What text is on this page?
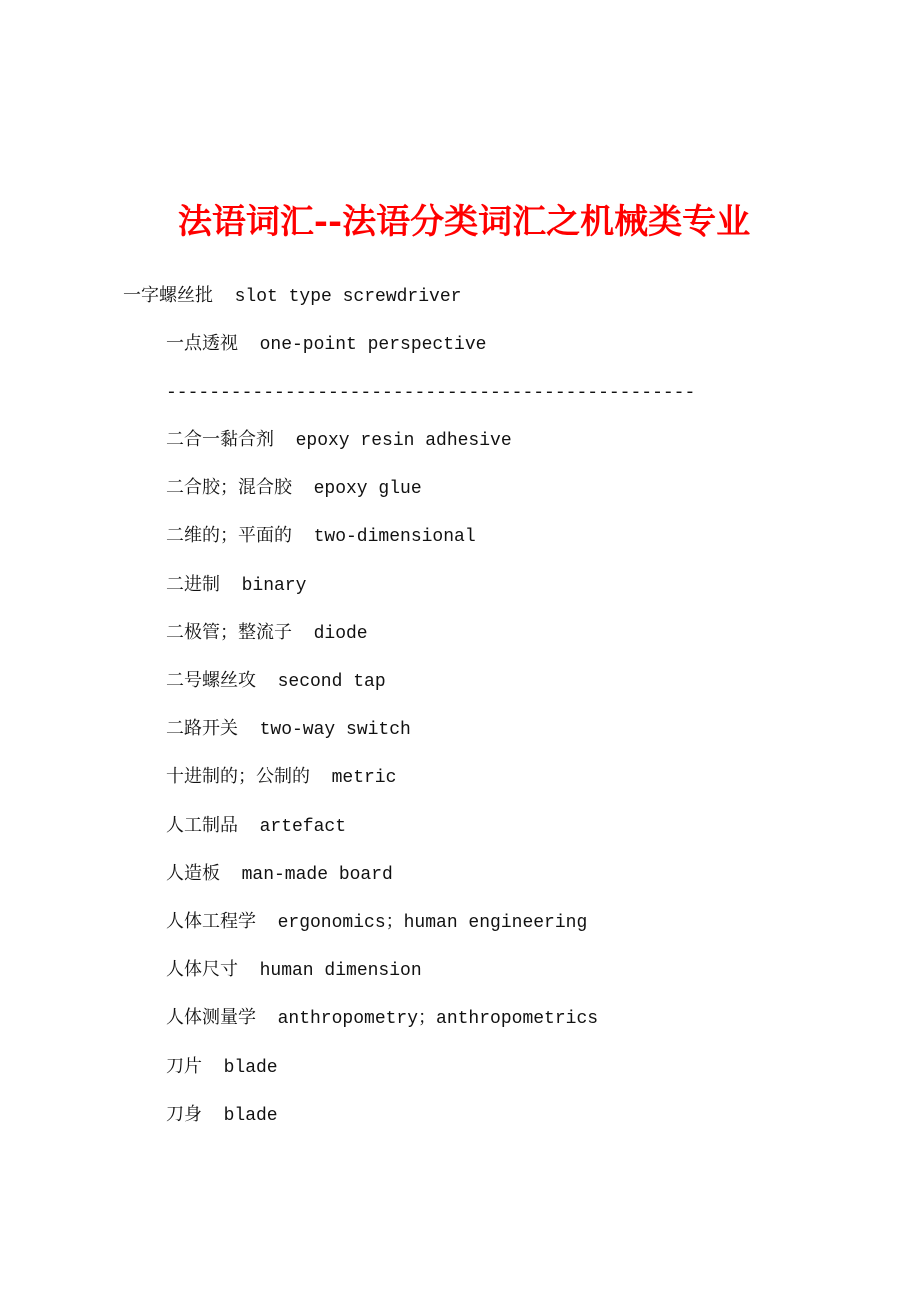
法语词汇--法语分类词汇之机械类专业
一字螺丝批  slot type screwdriver
一点透视  one-point perspective
-------------------------------------------------
二合一黏合剂  epoxy resin adhesive
二合胶；混合胶  epoxy glue
二维的；平面的  two-dimensional
二进制  binary
二极管；整流子  diode
二号螺丝攻  second tap
二路开关  two-way switch
十进制的；公制的  metric
人工制品  artefact
人造板  man-made board
人体工程学  ergonomics；human engineering
人体尺寸  human dimension
人体测量学  anthropometry；anthropometrics
刀片  blade
刀身  blade
